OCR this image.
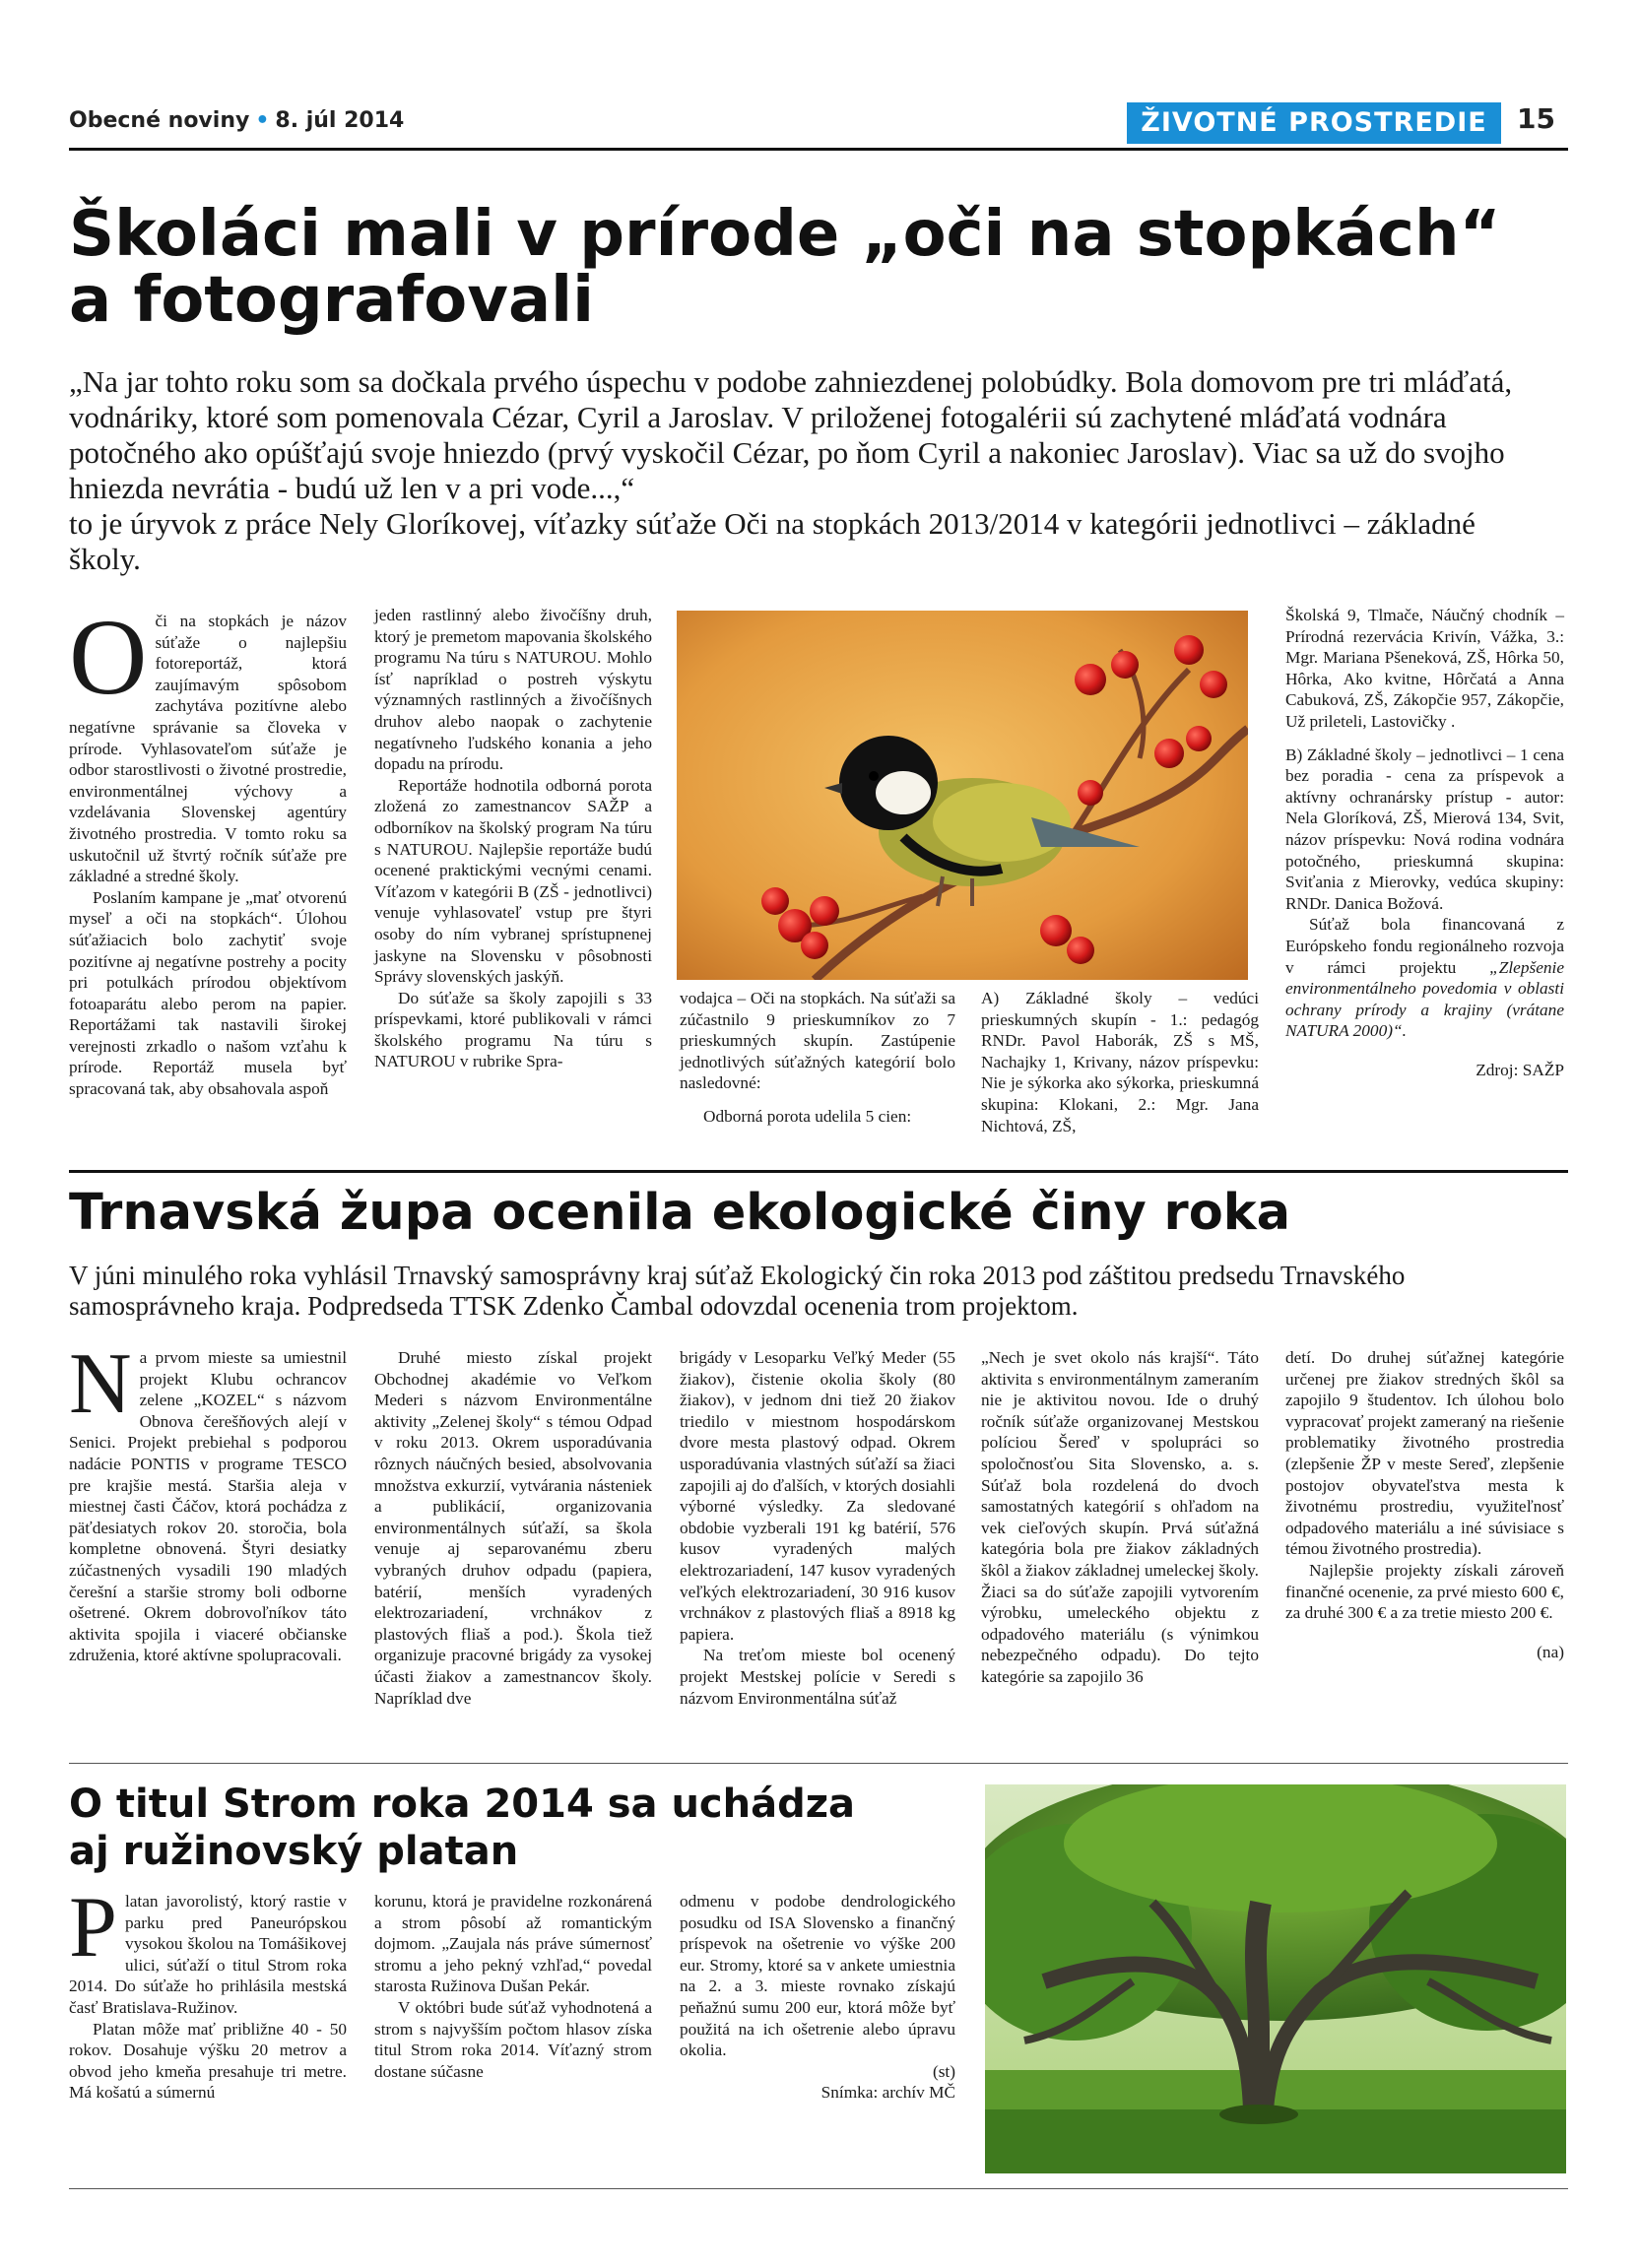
Obecné noviny • 8. júl 2014	ŽIVOTNÉ PROSTREDIE	15
Školáci mali v prírode „oči na stopkách“
a fotografovali
„Na jar tohto roku som sa dočkala prvého úspechu v podobe zahniezdenej polobúdky. Bola domovom pre tri mláďatá, vodnáriky, ktoré som pomenovala Cézar, Cyril a Jaroslav. V priloženej fotogalérii sú zachytené mláďatá vodnára potočného ako opúšťajú svoje hniezdo (prvý vyskočil Cézar, po ňom Cyril a nakoniec Jaroslav). Viac sa už do svojho hniezda nevrátia - budú už len v a pri vode...,“
to je úryvok z práce Nely Gloríkovej, víťazky súťaže Oči na stopkách 2013/2014 v kategórii jednotlivci – základné školy.
O či na stopkách je názov súťaže o najlepšiu fotoreportáž, ktorá zaujímavým spôsobom zachytáva pozitívne alebo negatívne správanie sa človeka v prírode. Vyhlasovateľom súťaže je odbor starostlivosti o životné prostredie, environmentálnej výchovy a vzdelávania Slovenskej agentúry životného prostredia. V tomto roku sa uskutočnil už štvrtý ročník súťaže pre základné a stredné školy.

Poslaním kampane je „mať otvorenú myseľ a oči na stopkách“. Úlohou súťažiacich bolo zachytiť svoje pozitívne aj negatívne postrehy a pocity pri potulkách prírodou objektívom fotoaparátu alebo perom na papier. Reportážami tak nastavili širokej verejnosti zrkadlo o našom vzťahu k prírode. Reportáž musela byť spracovaná tak, aby obsahovala aspoň

jeden rastlinný alebo živočíšny druh, ktorý je premetom mapovania školského programu Na túru s NATUROU. Mohlo ísť napríklad o postreh výskytu významných rastlinných a živočíšnych druhov alebo naopak o zachytenie negatívneho ľudského konania a jeho dopadu na prírodu.

Reportáže hodnotila odborná porota zložená zo zamestnancov SAŽP a odborníkov na školský program Na túru s NATUROU. Najlepšie reportáže budú ocenené praktickými vecnými cenami. Víťazom v kategórii B (ZŠ - jednotlivci) venuje vyhlasovateľ vstup pre štyri osoby do ním vybranej sprístupnenej jaskyne na Slovensku v pôsobnosti Správy slovenských jaskýň.

Do súťaže sa školy zapojili s 33 príspevkami, ktoré publikovali v rámci školského programu Na túru s NATUROU v rubrike Spra-

vodajca – Oči na stopkách. Na súťaži sa zúčastnilo 9 prieskumníkov zo 7 prieskumných skupín. Zastúpenie jednotlivých súťažných kategórií bolo nasledovné:

Odborná porota udelila 5 cien:

A) Základné školy – vedúci prieskumných skupín - 1.: pedagóg RNDr. Pavol Haborák, ZŠ s MŠ, Nachajky 1, Krivany, názov príspevku: Nie je sýkorka ako sýkorka, prieskumná skupina: Klokani, 2.: Mgr. Jana Nichtová, ZŠ,

Školská 9, Tlmače, Náučný chodník – Prírodná rezervácia Krivín, Vážka, 3.: Mgr. Mariana Pšeneková, ZŠ, Hôrka 50, Hôrka, Ako kvitne, Hôrčatá a Anna Cabuková, ZŠ, Zákopčie 957, Zákopčie, Už prileteli, Lastovičky .

B) Základné školy – jednotlivci – 1 cena bez poradia - cena za príspevok a aktívny ochranársky prístup - autor: Nela Gloríková, ZŠ, Mierová 134, Svit, názov príspevku: Nová rodina vodnára potočného, prieskumná skupina: Sviťania z Mierovky, vedúca skupiny: RNDr. Danica Božová.

Súťaž bola financovaná z Európskeho fondu regionálneho rozvoja v rámci projektu „Zlepšenie environmentálneho povedomia v oblasti ochrany prírody a krajiny (vrátane NATURA 2000)“.

Zdroj: SAŽP

Trnavská župa ocenila ekologické činy roka
V júni minulého roka vyhlásil Trnavský samosprávny kraj súťaž Ekologický čin roka 2013 pod záštitou predsedu Trnavského samosprávneho kraja. Podpredseda TTSK Zdenko Čambal odovzdal ocenenia trom projektom.
N a prvom mieste sa umiestnil projekt Klubu ochrancov zelene „KOZEL“ s názvom Obnova čerešňových alejí v Senici. Projekt prebiehal s podporou nadácie PONTIS v programe TESCO pre krajšie mestá. Staršia aleja v miestnej časti Čáčov, ktorá pochádza z päťdesiatych rokov 20. storočia, bola kompletne obnovená. Štyri desiatky zúčastnených vysadili 190 mladých čerešní a staršie stromy boli odborne ošetrené. Okrem dobrovoľníkov táto aktivita spojila i viaceré občianske združenia, ktoré aktívne spolupracovali.

Druhé miesto získal projekt Obchodnej akadémie vo Veľkom Mederi s názvom Environmentálne aktivity „Zelenej školy“ s témou Odpad v roku 2013. Okrem usporadúvania rôznych náučných besied, absolvovania množstva exkurzií, vytvárania násteniek a publikácií, organizovania environmentálnych súťaží, sa škola venuje aj separovanému zberu vybraných druhov odpadu (papiera, batérií, menších vyradených elektrozariadení, vrchnákov z plastových fliaš a pod.). Škola tiež organizuje pracovné brigády za vysokej účasti žiakov a zamestnancov školy. Napríklad dve

brigády v Lesoparku Veľký Meder (55 žiakov), čistenie okolia školy (80 žiakov), v jednom dni tiež 20 žiakov triedilo v miestnom hospodárskom dvore mesta plastový odpad. Okrem usporadúvania vlastných súťaží sa žiaci zapojili aj do ďalších, v ktorých dosiahli výborné výsledky. Za sledované obdobie vyzberali 191 kg batérií, 576 kusov vyradených malých elektrozariadení, 147 kusov vyradených veľkých elektrozariadení, 30 916 kusov vrchnákov z plastových fliaš a 8918 kg papiera.

Na treťom mieste bol ocenený projekt Mestskej polície v Seredi s názvom Environmentálna súťaž

„Nech je svet okolo nás krajší“. Táto aktivita s environmentálnym zameraním nie je aktivitou novou. Ide o druhý ročník súťaže organizovanej Mestskou políciou Šereď v spolupráci so spoločnosťou Sita Slovensko, a. s. Súťaž bola rozdelená do dvoch samostatných kategórií s ohľadom na vek cieľových skupín. Prvá súťažná kategória bola pre žiakov základných škôl a žiakov základnej umeleckej školy. Žiaci sa do súťaže zapojili vytvorením výrobku, umeleckého objektu z odpadového materiálu (s výnimkou nebezpečného odpadu). Do tejto kategórie sa zapojilo 36

detí. Do druhej súťažnej kategórie určenej pre žiakov stredných škôl sa zapojilo 9 študentov. Ich úlohou bolo vypracovať projekt zameraný na riešenie problematiky životného prostredia (zlepšenie ŽP v meste Sereď, zlepšenie postojov obyvateľstva mesta k životnému prostrediu, využiteľnosť odpadového materiálu a iné súvisiace s témou životného prostredia).

Najlepšie projekty získali zároveň finančné ocenenie, za prvé miesto 600 €, za druhé 300 € a za tretie miesto 200 €.

(na)

O titul Strom roka 2014 sa uchádza
aj ružinovský platan
P latan javorolistý, ktorý rastie v parku pred Paneurópskou vysokou školou na Tomášikovej ulici, súťaží o titul Strom roka 2014. Do súťaže ho prihlásila mestská časť Bratislava-Ružinov.

Platan môže mať približne 40 - 50 rokov. Dosahuje výšku 20 metrov a obvod jeho kmeňa presahuje tri metre. Má košatú a súmernú

korunu, ktorá je pravidelne rozkonárená a strom pôsobí až romantickým dojmom. „Zaujala nás práve súmernosť stromu a jeho pekný vzhľad,“ povedal starosta Ružinova Dušan Pekár.

V októbri bude súťaž vyhodnotená a strom s najvyšším počtom hlasov získa titul Strom roka 2014. Víťazný strom dostane súčasne

odmenu v podobe dendrologického posudku od ISA Slovensko a finančný príspevok na ošetrenie vo výške 200 eur. Stromy, ktoré sa v ankete umiestnia na 2. a 3. mieste rovnako získajú peňažnú sumu 200 eur, ktorá môže byť použitá na ich ošetrenie alebo úpravu okolia.

(st)

Snímka: archív MČ
